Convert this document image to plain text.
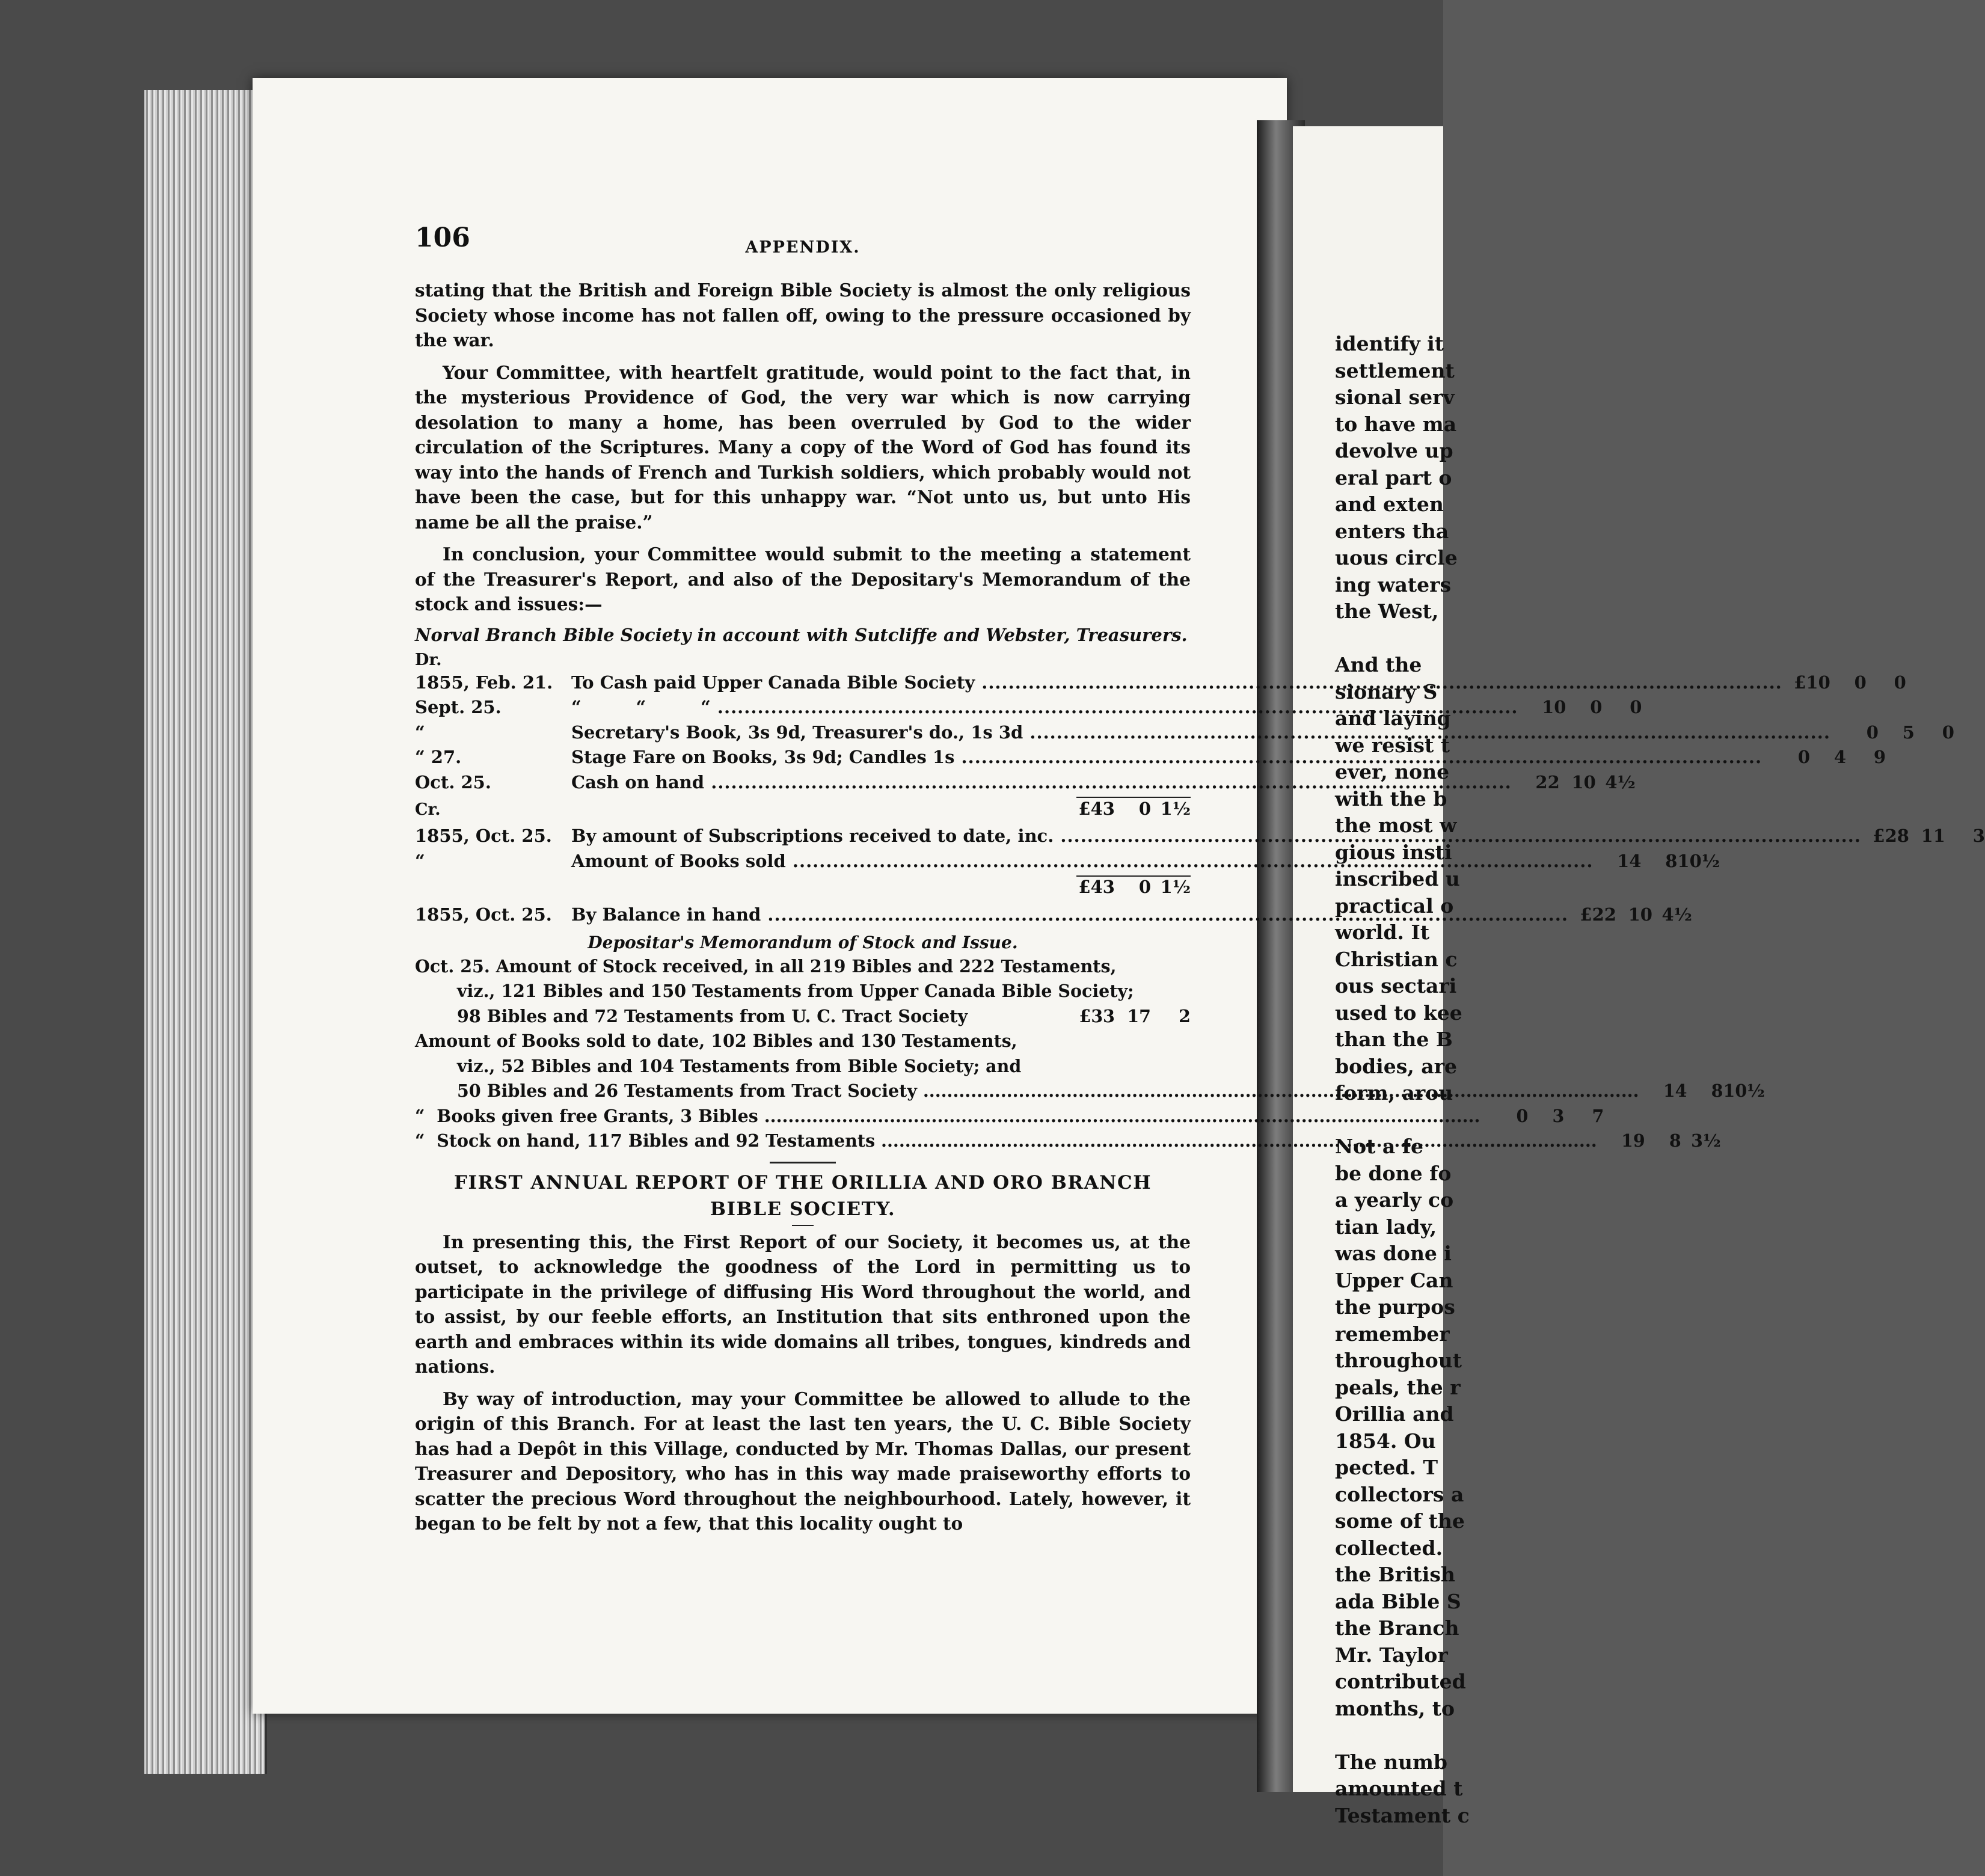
identify it
settlement
sional serv
to have ma
devolve up
eral part o
and exten
enters tha
uous circle
ing waters
the West,
And the
sionary S
and laying
we resist t
ever, none
with the b
the most w
gious insti
inscribed u
practical o
world. It
Christian c
ous sectari
used to kee
than the B
bodies, are
form, arou
Not a fe
be done fo
a yearly co
tian lady,
was done i
Upper Can
the purpos
remember
throughout
peals, the r
Orillia and
1854. Ou
pected. T
collectors a
some of the
collected.
the British
ada Bible S
the Branch
Mr. Taylor
contributed
months, to
The numb
amounted t
Testament c
106	APPENDIX.

stating that the British and Foreign Bible Society is almost the only religious Society whose income has not fallen off, owing to the pressure occasioned by the war.

Your Committee, with heartfelt gratitude, would point to the fact that, in the mysterious Providence of God, the very war which is now carrying desolation to many a home, has been overruled by God to the wider circulation of the Scriptures. Many a copy of the Word of God has found its way into the hands of French and Turkish soldiers, which probably would not have been the case, but for this unhappy war. “Not unto us, but unto His name be all the praise.”

In conclusion, your Committee would submit to the meeting a statement of the Treasurer's Report, and also of the Depositary's Memorandum of the stock and issues:—

Norval Branch Bible Society in account with Sutcliffe and Webster, Treasurers.

Dr.

1855, Feb. 21.	To Cash paid Upper Canada Bible Society .....	£10	0	0
Sept. 25.	“         “         “ .....	10	0	0
“	Secretary's Book, 3s 9d, Treasurer's do., 1s 3d .....	0	5	0
“ 27.	Stage Fare on Books, 3s 9d; Candles 1s .....	0	4	9
Oct. 25.	Cash on hand .....	22 10 4½
Cr.	£43	0 1½
1855, Oct. 25.	By amount of Subscriptions received to date, inc. .....	£28 11	3
“	Amount of Books sold .....	14	8 10½
£43	0 1½
1855, Oct. 25.	By Balance in hand .....	£22 10 4½

Depositar's Memorandum of Stock and Issue.

Oct. 25. Amount of Stock received, in all 219 Bibles and 222 Testaments,
viz., 121 Bibles and 150 Testaments from Upper Canada Bible Society;
98 Bibles and 72 Testaments from U. C. Tract Society	£33 17	2
Amount of Books sold to date, 102 Bibles and 130 Testaments,
viz., 52 Bibles and 104 Testaments from Bible Society; and
50 Bibles and 26 Testaments from Tract Society .....	14	8 10½
“  Books given free Grants, 3 Bibles .....	0	3	7
“  Stock on hand, 117 Bibles and 92 Testaments .....	19	8 3½

FIRST ANNUAL REPORT OF THE ORILLIA AND ORO BRANCH BIBLE SOCIETY.

In presenting this, the First Report of our Society, it becomes us, at the outset, to acknowledge the goodness of the Lord in permitting us to participate in the privilege of diffusing His Word throughout the world, and to assist, by our feeble efforts, an Institution that sits enthroned upon the earth and embraces within its wide domains all tribes, tongues, kindreds and nations.

By way of introduction, may your Committee be allowed to allude to the origin of this Branch. For at least the last ten years, the U. C. Bible Society has had a Depôt in this Village, conducted by Mr. Thomas Dallas, our present Treasurer and Depository, who has in this way made praiseworthy efforts to scatter the precious Word throughout the neighbourhood. Lately, however, it began to be felt by not a few, that this locality ought to
